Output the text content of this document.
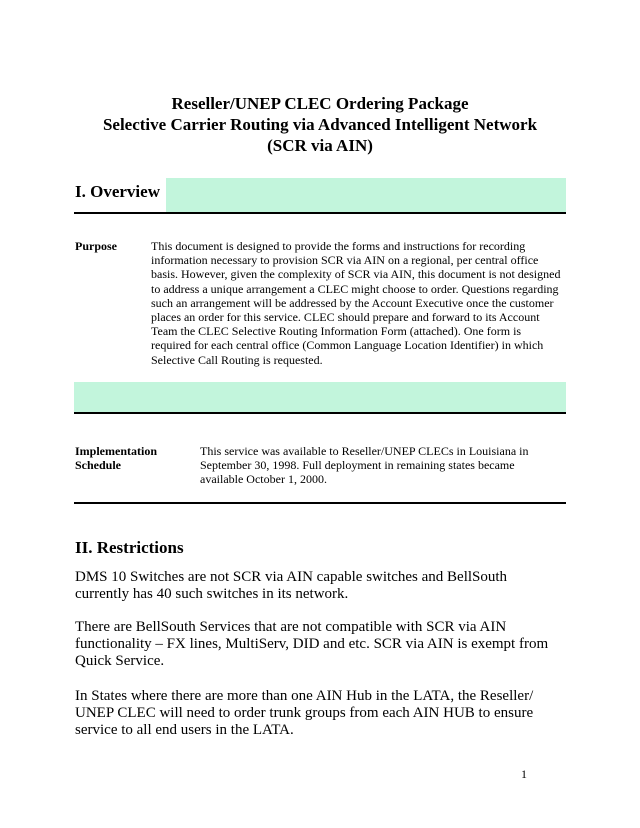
Reseller/UNEP CLEC Ordering Package
Selective Carrier Routing via Advanced Intelligent Network
(SCR via AIN)
I. Overview
Purpose	This document is designed to provide the forms and instructions for recording information necessary to provision SCR via AIN on a regional, per central office basis. However, given the complexity of SCR via AIN, this document is not designed to address a unique arrangement a CLEC might choose to order. Questions regarding such an arrangement will be addressed by the Account Executive once the customer places an order for this service. CLEC should prepare and forward to its Account Team the CLEC Selective Routing Information Form (attached). One form is required for each central office (Common Language Location Identifier) in which Selective Call Routing is requested.
Implementation
Schedule
This service was available to Reseller/UNEP CLECs in Louisiana in September 30, 1998. Full deployment in remaining states became available October 1, 2000.
II. Restrictions
DMS 10 Switches are not SCR via AIN capable switches and BellSouth currently has 40 such switches in its network.
There are BellSouth Services that are not compatible with SCR via AIN functionality – FX lines, MultiServ, DID and etc. SCR via AIN is exempt from Quick Service.
In States where there are more than one AIN Hub in the LATA, the Reseller/ UNEP CLEC will need to order trunk groups from each AIN HUB to ensure service to all end users in the LATA.
1
